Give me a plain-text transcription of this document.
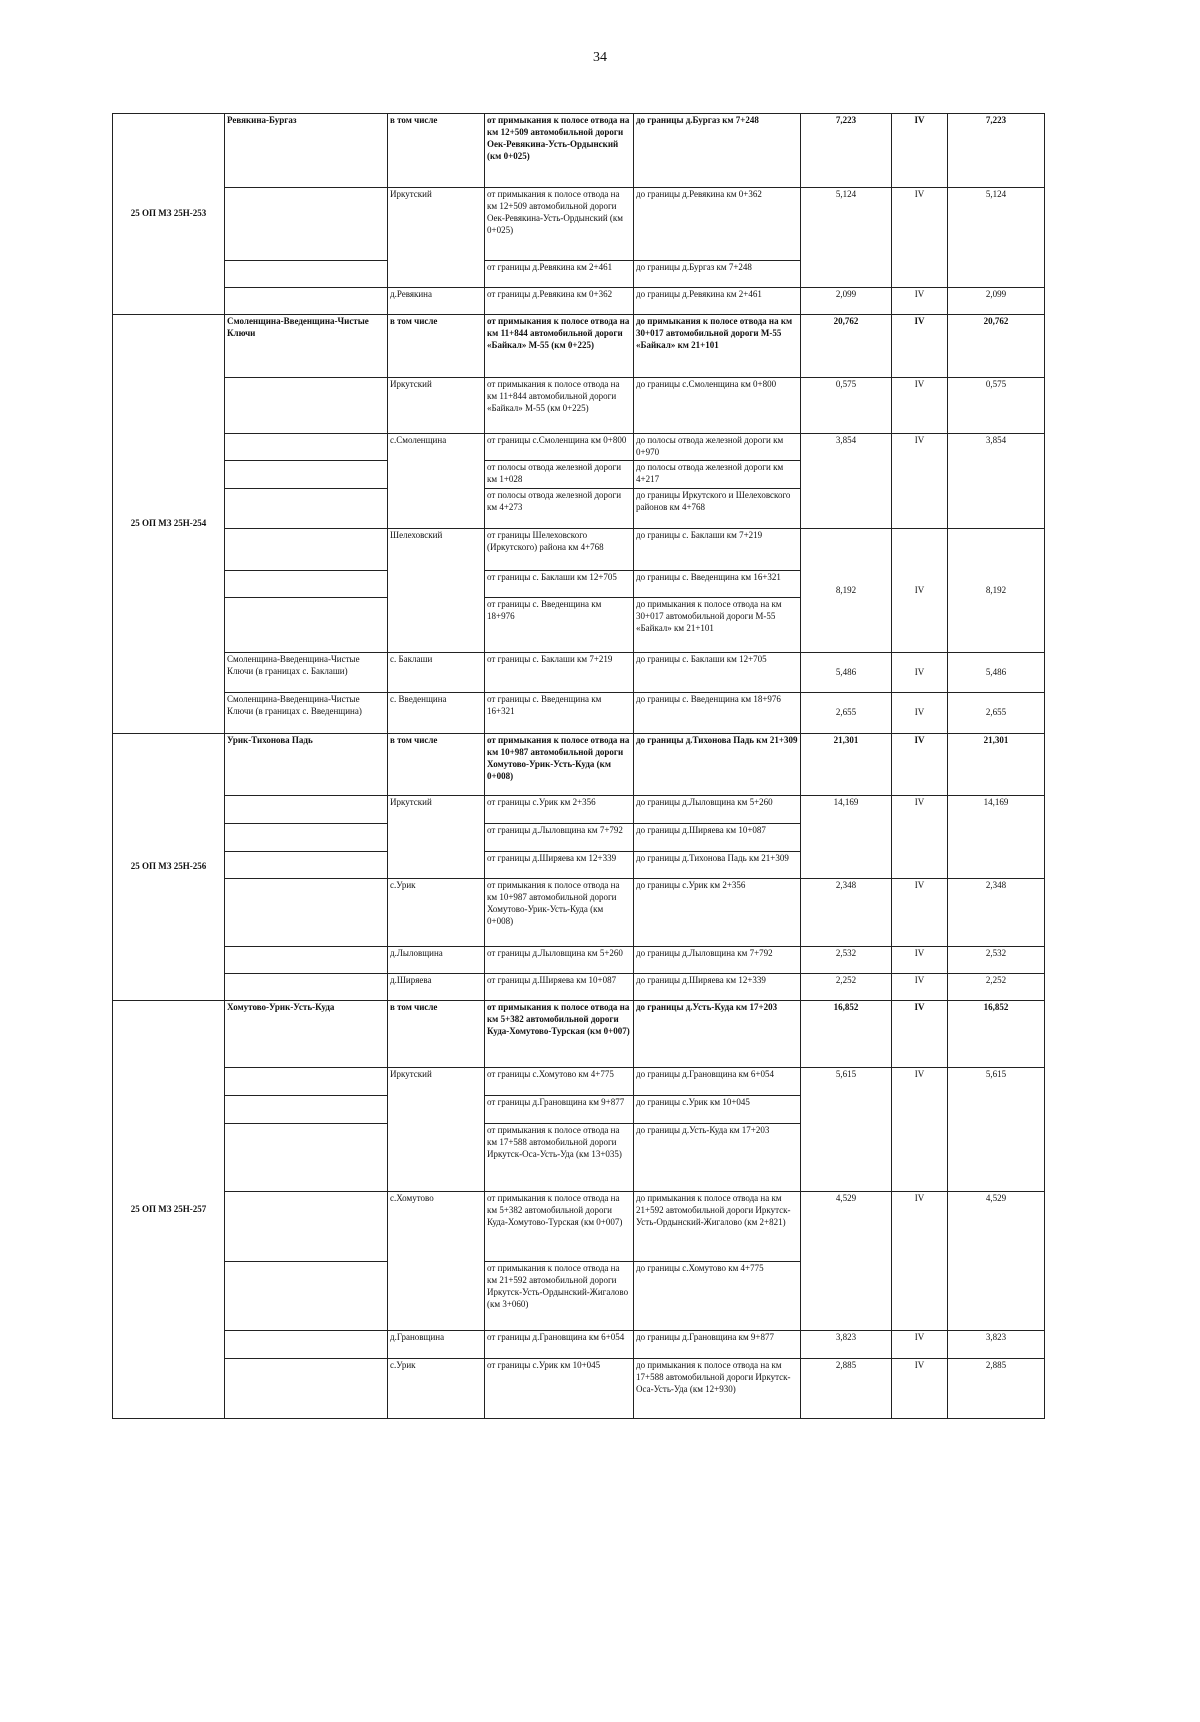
34
25 ОП МЗ 25Н-253	Ревякина-Бургаз	в том числе	от примыкания к полосе отвода на км 12+509 автомобильной дороги Оек-Ревякина-Усть-Ордынский (км 0+025)	до границы д.Бургаз км 7+248	7,223	IV	7,223
		Иркутский	от примыкания к полосе отвода на км 12+509 автомобильной дороги Оек-Ревякина-Усть-Ордынский (км 0+025)	до границы д.Ревякина км 0+362	5,124	IV	5,124
			от границы д.Ревякина км 2+461	до границы д.Бургаз км 7+248			
		д.Ревякина	от границы д.Ревякина км 0+362	до границы д.Ревякина км 2+461	2,099	IV	2,099
25 ОП МЗ 25Н-254	Смоленщина-Введенщина-Чистые Ключи	в том числе	от примыкания к полосе отвода на км 11+844 автомобильной дороги «Байкал» М-55 (км 0+225)	до примыкания к полосе отвода на км 30+017 автомобильной дороги М-55 «Байкал» км 21+101	20,762	IV	20,762
		Иркутский	от примыкания к полосе отвода на км 11+844 автомобильной дороги «Байкал» М-55 (км 0+225)	до границы с.Смоленщина км 0+800	0,575	IV	0,575
		с.Смоленщина	от границы с.Смоленщина км 0+800	до полосы отвода железной дороги км 0+970	3,854	IV	3,854
			от полосы отвода железной дороги км 1+028	до полосы отвода железной дороги км 4+217			
			от полосы отвода железной дороги км 4+273	до границы Иркутского и Шелеховского районов км 4+768			
		Шелеховский	от границы Шелеховского (Иркутского) района км 4+768	до границы с. Баклаши км 7+219	8,192	IV	8,192
			от границы с. Баклаши км 12+705	до границы с. Введенщина км 16+321			
			от границы с. Введенщина км 18+976	до примыкания к полосе отвода на км 30+017 автомобильной дороги М-55 «Байкал» км 21+101			
	Смоленщина-Введенщина-Чистые Ключи (в границах с. Баклаши)	с. Баклаши	от границы с. Баклаши км 7+219	до границы с. Баклаши км 12+705	5,486	IV	5,486
	Смоленщина-Введенщина-Чистые Ключи (в границах с. Введенщина)	с. Введенщина	от границы с. Введенщина км 16+321	до границы с. Введенщина км 18+976	2,655	IV	2,655
25 ОП МЗ 25Н-256	Урик-Тихонова Падь	в том числе	от примыкания к полосе отвода на км 10+987 автомобильной дороги Хомутово-Урик-Усть-Куда (км 0+008)	до границы д.Тихонова Падь км 21+309	21,301	IV	21,301
		Иркутский	от границы с.Урик км 2+356	до границы д.Лыловщина км 5+260	14,169	IV	14,169
			от границы д.Лыловщина км 7+792	до границы д.Ширяева км 10+087			
			от границы д.Ширяева км 12+339	до границы д.Тихонова Падь км 21+309			
		с.Урик	от примыкания к полосе отвода на км 10+987 автомобильной дороги Хомутово-Урик-Усть-Куда (км 0+008)	до границы с.Урик км 2+356	2,348	IV	2,348
		д.Лыловщина	от границы д.Лыловщина км 5+260	до границы д.Лыловщина км 7+792	2,532	IV	2,532
		д.Ширяева	от границы д.Ширяева км 10+087	до границы д.Ширяева км 12+339	2,252	IV	2,252
25 ОП МЗ 25Н-257	Хомутово-Урик-Усть-Куда	в том числе	от примыкания к полосе отвода на км 5+382 автомобильной дороги Куда-Хомутово-Турская (км 0+007)	до границы д.Усть-Куда км 17+203	16,852	IV	16,852
		Иркутский	от границы с.Хомутово км 4+775	до границы д.Грановщина км 6+054	5,615	IV	5,615
			от границы д.Грановщина км 9+877	до границы с.Урик км 10+045			
			от примыкания к полосе отвода на км 17+588 автомобильной дороги Иркутск-Оса-Усть-Уда (км 13+035)	до границы д.Усть-Куда км 17+203			
		с.Хомутово	от примыкания к полосе отвода на км 5+382 автомобильной дороги Куда-Хомутово-Турская (км 0+007)	до примыкания к полосе отвода на км 21+592 автомобильной дороги Иркутск-Усть-Ордынский-Жигалово (км 2+821)	4,529	IV	4,529
			от примыкания к полосе отвода на км 21+592 автомобильной дороги Иркутск-Усть-Ордынский-Жигалово (км 3+060)	до границы с.Хомутово км 4+775			
		д.Грановщина	от границы д.Грановщина км 6+054	до границы д.Грановщина км 9+877	3,823	IV	3,823
		с.Урик	от границы с.Урик км 10+045	до примыкания к полосе отвода на км 17+588 автомобильной дороги Иркутск-Оса-Усть-Уда (км 12+930)	2,885	IV	2,885
